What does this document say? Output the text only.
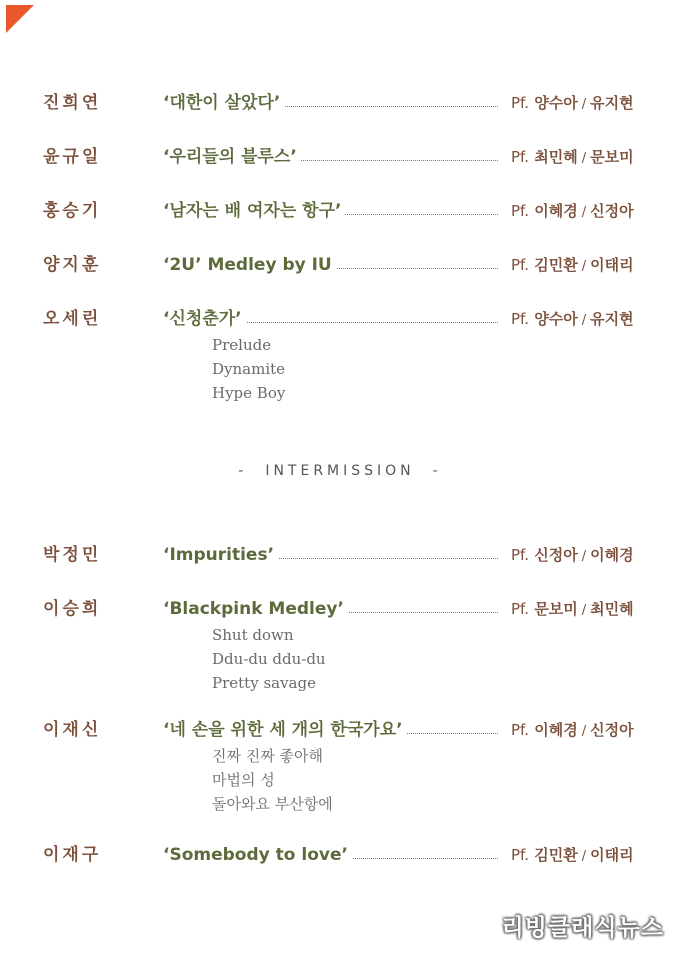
진희연	‘대한이 살았다’	Pf. 양수아 / 유지현
윤규일	‘우리들의 블루스’	Pf. 최민혜 / 문보미
홍승기	‘남자는 배 여자는 항구’	Pf. 이혜경 / 신정아
양지훈	‘2U’ Medley by IU	Pf. 김민환 / 이태리
오세린	‘신청춘가’	Pf. 양수아 / 유지현
Prelude
Dynamite
Hype Boy
- INTERMISSION -
박정민	‘Impurities’	Pf. 신정아 / 이혜경
이승희	‘Blackpink Medley’	Pf. 문보미 / 최민혜
Shut down
Ddu-du ddu-du
Pretty savage
이재신	‘네 손을 위한 세 개의 한국가요’	Pf. 이혜경 / 신정아
진짜 진짜 좋아해
마법의 성
돌아와요 부산항에
이재구	‘Somebody to love’	Pf. 김민환 / 이태리
리빙클래식뉴스
